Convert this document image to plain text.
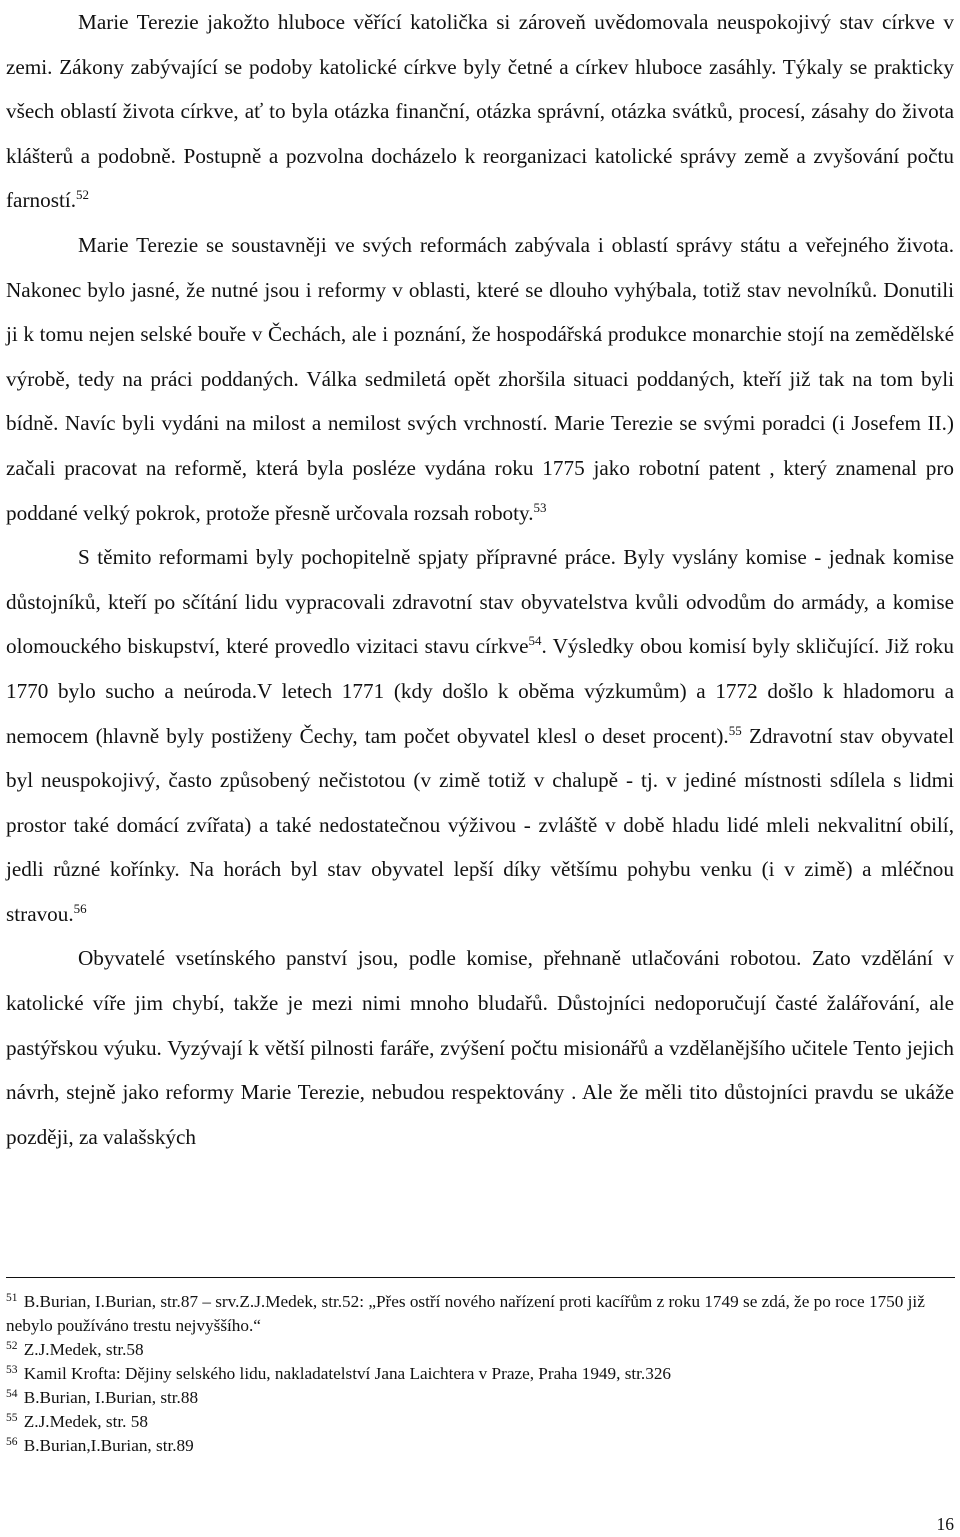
Marie Terezie jakožto hluboce věřící katolička si zároveň uvědomovala neuspokojivý stav církve v zemi. Zákony zabývající se podoby katolické církve byly četné a církev hluboce zasáhly. Týkaly se prakticky všech oblastí života církve, ať to byla otázka finanční, otázka správní, otázka svátků, procesí, zásahy do života klášterů a podobně. Postupně a pozvolna docházelo k reorganizaci katolické správy země a zvyšování počtu farností.$^{52}$

Marie Terezie se soustavněji ve svých reformách zabývala i oblastí správy státu a veřejného života. Nakonec bylo jasné, že nutné jsou i reformy v oblasti, které se dlouho vyhýbala, totiž stav nevolníků. Donutili ji k tomu nejen selské bouře v Čechách, ale i poznání, že hospodářská produkce monarchie stojí na zemědělské výrobě, tedy na práci poddaných. Válka sedmiletá opět zhoršila situaci poddaných, kteří již tak na tom byli bídně. Navíc byli vydáni na milost a nemilost svých vrchností. Marie Terezie se svými poradci (i Josefem II.) začali pracovat na reformě, která byla posléze vydána roku 1775 jako robotní patent , který znamenal pro poddané velký pokrok, protože přesně určovala rozsah roboty.$^{53}$

S těmito reformami byly pochopitelně spjaty přípravné práce. Byly vyslány komise - jednak komise důstojníků, kteří po sčítání lidu vypracovali zdravotní stav obyvatelstva kvůli odvodům do armády, a komise olomouckého biskupství, které provedlo vizitaci stavu církve$^{54}$. Výsledky obou komisí byly skličující. Již roku 1770 bylo sucho a neúroda.V letech 1771 (kdy došlo k oběma výzkumům) a 1772 došlo k hladomoru a nemocem (hlavně byly postiženy Čechy, tam počet obyvatel klesl o deset procent).$^{55}$ Zdravotní stav obyvatel byl neuspokojivý, často způsobený nečistotou (v zimě totiž v chalupě - tj. v jediné místnosti sdílela s lidmi prostor také domácí zvířata) a také nedostatečnou výživou - zvláště v době hladu lidé mleli nekvalitní obilí, jedli různé kořínky. Na horách byl stav obyvatel lepší díky většímu pohybu venku (i v zimě) a mléčnou stravou.$^{56}$

Obyvatelé vsetínského panství jsou, podle komise, přehnaně utlačováni robotou. Zato vzdělání v katolické víře jim chybí, takže je mezi nimi mnoho bludařů. Důstojníci nedoporučují časté žalářování, ale pastýřskou výuku. Vyzývají k větší pilnosti faráře, zvýšení počtu misionářů a vzdělanějšího učitele Tento jejich návrh, stejně jako reformy Marie Terezie, nebudou respektovány . Ale že měli tito důstojníci pravdu se ukáže později, za valašských

$^{51}$ B.Burian, I.Burian, str.87 – srv.Z.J.Medek, str.52: „Přes ostří nového nařízení proti kacířům z roku 1749 se zdá, že po roce 1750 již nebylo používáno trestu nejvyššího.“

$^{52}$ Z.J.Medek, str.58

$^{53}$ Kamil Krofta: Dějiny selského lidu, nakladatelství Jana Laichtera v Praze, Praha 1949, str.326

$^{54}$ B.Burian, I.Burian, str.88

$^{55}$ Z.J.Medek, str. 58

$^{56}$ B.Burian,I.Burian, str.89

16
